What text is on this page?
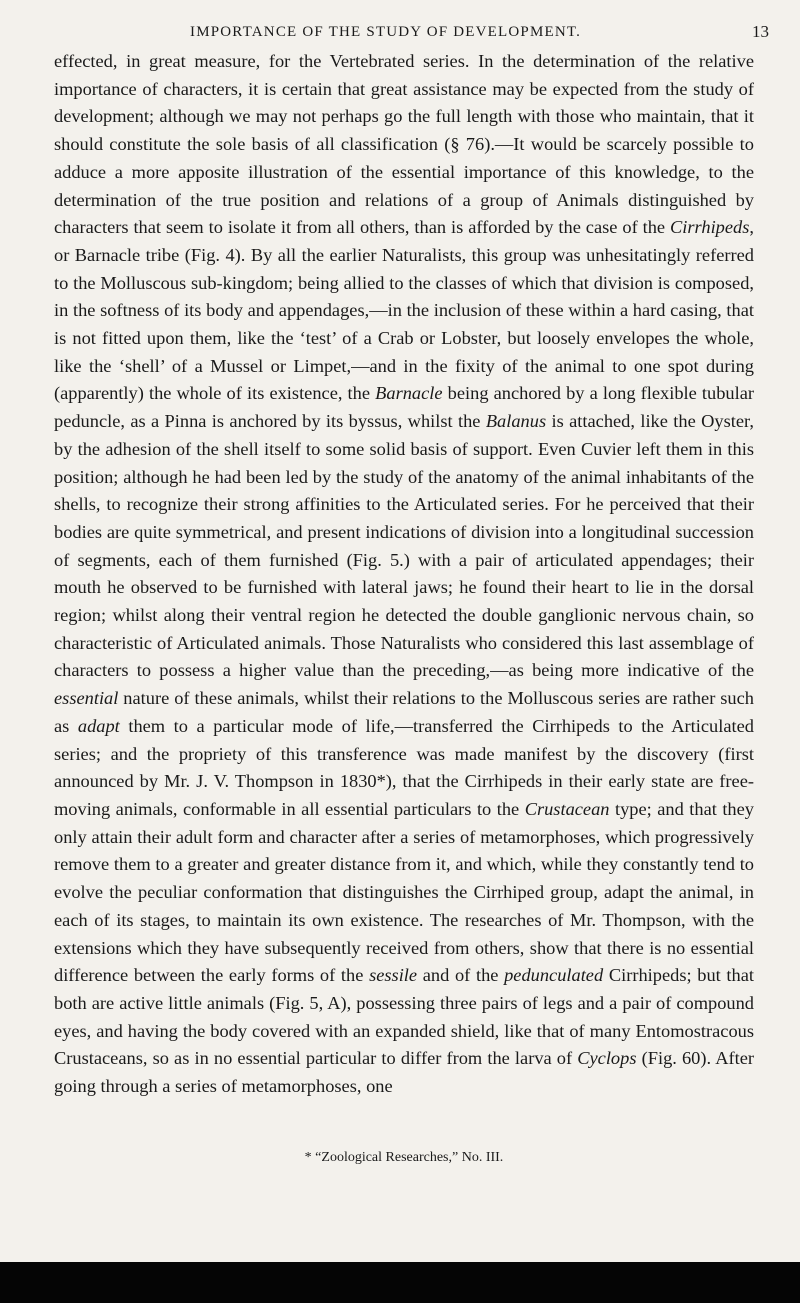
IMPORTANCE OF THE STUDY OF DEVELOPMENT.	13

effected, in great measure, for the Vertebrated series. In the determination of the relative importance of characters, it is certain that great assistance may be expected from the study of development; although we may not perhaps go the full length with those who maintain, that it should constitute the sole basis of all classification (§ 76).—It would be scarcely possible to adduce a more apposite illustration of the essential importance of this knowledge, to the determination of the true position and relations of a group of Animals distinguished by characters that seem to isolate it from all others, than is afforded by the case of the Cirrhipeds, or Barnacle tribe (Fig. 4). By all the earlier Naturalists, this group was unhesitatingly referred to the Molluscous sub-kingdom; being allied to the classes of which that division is composed, in the softness of its body and appendages,—in the inclusion of these within a hard casing, that is not fitted upon them, like the ‘test’ of a Crab or Lobster, but loosely envelopes the whole, like the ‘shell’ of a Mussel or Limpet,—and in the fixity of the animal to one spot during (apparently) the whole of its existence, the Barnacle being anchored by a long flexible tubular peduncle, as a Pinna is anchored by its byssus, whilst the Balanus is attached, like the Oyster, by the adhesion of the shell itself to some solid basis of support. Even Cuvier left them in this position; although he had been led by the study of the anatomy of the animal inhabitants of the shells, to recognize their strong affinities to the Articulated series. For he perceived that their bodies are quite symmetrical, and present indications of division into a longitudinal succession of segments, each of them furnished (Fig. 5.) with a pair of articulated appendages; their mouth he observed to be furnished with lateral jaws; he found their heart to lie in the dorsal region; whilst along their ventral region he detected the double ganglionic nervous chain, so characteristic of Articulated animals. Those Naturalists who considered this last assemblage of characters to possess a higher value than the preceding,—as being more indicative of the essential nature of these animals, whilst their relations to the Molluscous series are rather such as adapt them to a particular mode of life,—transferred the Cirrhipeds to the Articulated series; and the propriety of this transference was made manifest by the discovery (first announced by Mr. J. V. Thompson in 1830*), that the Cirrhipeds in their early state are free-moving animals, conformable in all essential particulars to the Crustacean type; and that they only attain their adult form and character after a series of metamorphoses, which progressively remove them to a greater and greater distance from it, and which, while they constantly tend to evolve the peculiar conformation that distinguishes the Cirrhiped group, adapt the animal, in each of its stages, to maintain its own existence. The researches of Mr. Thompson, with the extensions which they have subsequently received from others, show that there is no essential difference between the early forms of the sessile and of the pedunculated Cirrhipeds; but that both are active little animals (Fig. 5, A), possessing three pairs of legs and a pair of compound eyes, and having the body covered with an expanded shield, like that of many Entomostracous Crustaceans, so as in no essential particular to differ from the larva of Cyclops (Fig. 60). After going through a series of metamorphoses, one

* “Zoological Researches,” No. III.
